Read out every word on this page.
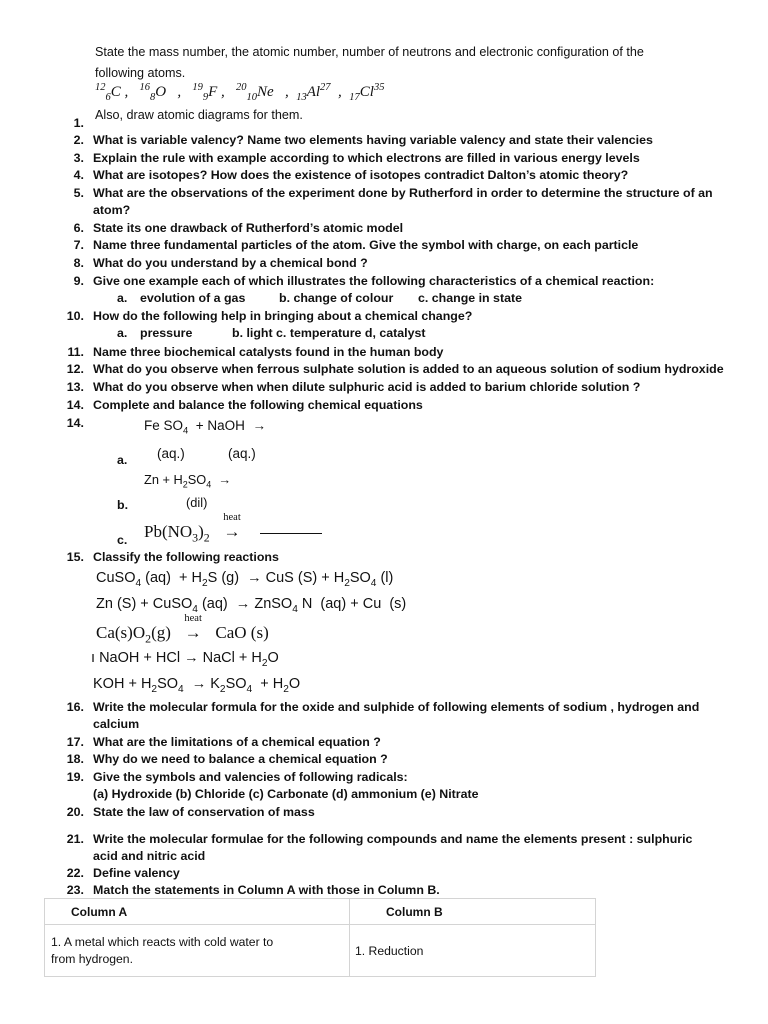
State the mass number, the atomic number, number of neutrons and electronic configuration of the
following atoms.
$^{12}_6$C ,   $^{16}_8$O   ,   $^{19}_9$F ,   $^{20}_{10}$Ne   ,  $_{13}Al^{27}$  ,  $_{17}Cl^{35}$
Also, draw atomic diagrams for them.
1.
2. What is variable valency? Name two elements having variable valency and state their valencies
3. Explain the rule with example according to which electrons are filled in various energy levels
4. What are isotopes? How does the existence of isotopes contradict Dalton’s atomic theory?
5. What are the observations of the experiment done by Rutherford in order to determine the structure of an
atom?
6. State its one drawback of Rutherford’s atomic model
7. Name three fundamental particles of the atom. Give the symbol with charge, on each particle
8. What do you understand by a chemical bond ?
9. Give one example each of which illustrates the following characteristics of a chemical reaction:
a. evolution of a gas	b. change of colour c. change in state
10. How do the following help in bringing about a chemical change?
a. pressure	b. light c. temperature d, catalyst
11. Name three biochemical catalysts found in the human body
12. What do you observe when ferrous sulphate solution is added to an aqueous solution of sodium hydroxide
13. What do you observe when when dilute sulphuric acid is added to barium chloride solution ?
14. Complete and balance the following chemical equations
Fe $SO_4$ + NaOH →
(aq.)	(aq.)
a.
$Zn + H_2SO_4$ →
(dil)
b.
$Pb(NO_3)_2$
heat
→
c.
14.
15. Classify the following reactions
CuSO$_4$ $(aq) + H_2S$ (g)  → CuS $(S) + H_2SO_4$ (l)
Zn (S) + CuSO$_4$ (aq)  → ZnSO$_4$ N  (aq) + Cu  (s)
$Ca(s)O_2(g)$
heat
→ CaO (s)
ı NaOH + HCl → NaCl + $H_2O$
KOH + $H_2SO_4 \to K_2SO_4 + H_2O$
16. Write the molecular formula for the oxide and sulphide of following elements of sodium , hydrogen and
calcium
17. What are the limitations of a chemical equation ?
18. Why do we need to balance a chemical equation ?
19. Give the symbols and valencies of following radicals:
(a) Hydroxide (b) Chloride (c) Carbonate (d) ammonium (e) Nitrate
20. State the law of conservation of mass
21. Write the molecular formulae for the following compounds and name the elements present : sulphuric
acid and nitric acid
22. Define valency
23. Match the statements in Column A with those in Column B.
Column A	Column B

1. A metal which reacts with cold water to
from hydrogen.	1. Reduction
